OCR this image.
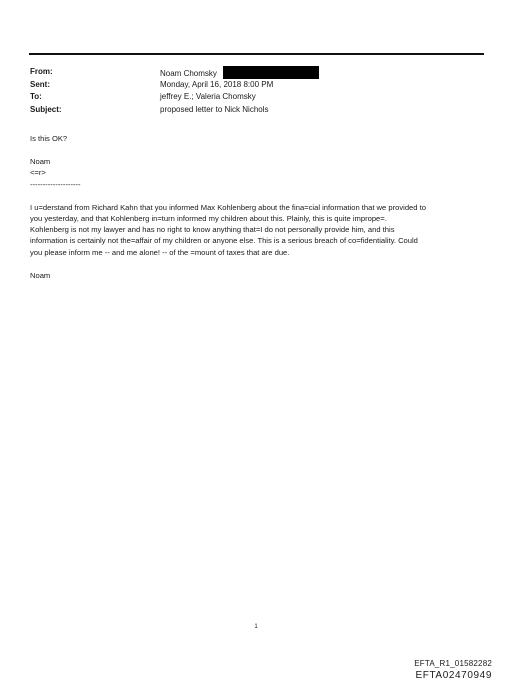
From:	Noam Chomsky
Sent:	Monday, April 16, 2018 8:00 PM
To:	jeffrey E.; Valeria Chomsky
Subject:	proposed letter to Nick Nichols
Is this OK?
Noam
<=r>
--------------------
I u=derstand from Richard Kahn that you informed Max Kohlenberg about the fina=cial information that we provided to
you yesterday, and that Kohlenberg in=turn informed my children about this. Plainly, this is quite imprope=.
Kohlenberg is not my lawyer and has no right to know anything that=I do not personally provide him, and this
information is certainly not the=affair of my children or anyone else. This is a serious breach of co=fidentiality. Could
you please inform me -- and me alone! -- of the =mount of taxes that are due.
Noam
1
EFTA_R1_01582282
EFTA02470949
